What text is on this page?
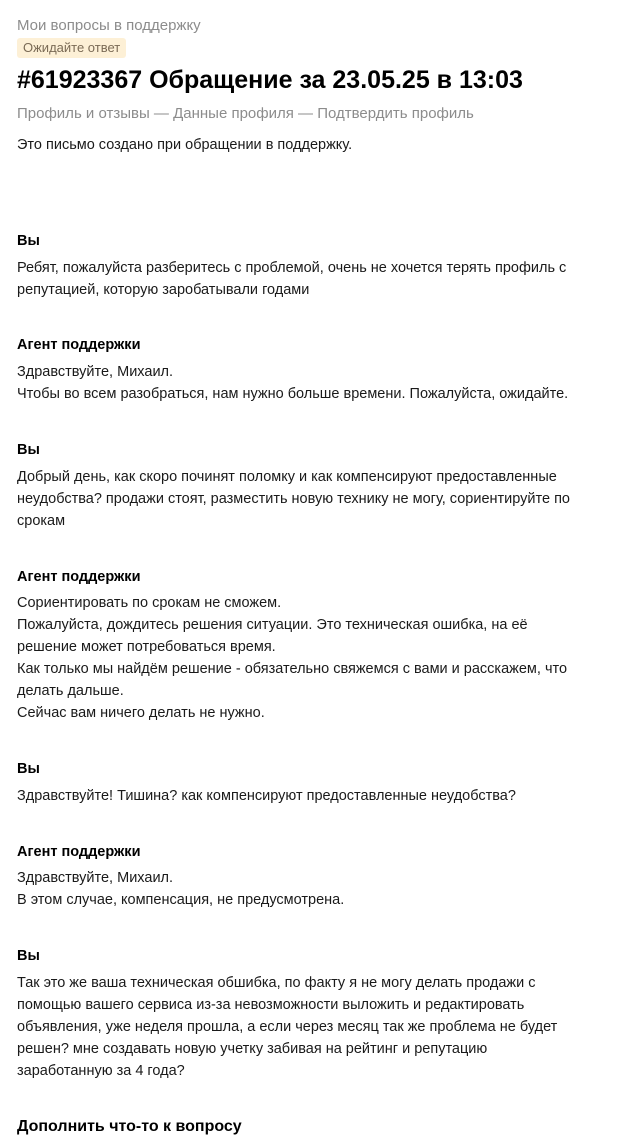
Мои вопросы в поддержку
Ожидайте ответ
#61923367 Обращение за 23.05.25 в 13:03
Профиль и отзывы — Данные профиля — Подтвердить профиль
Это письмо создано при обращении в поддержку.
Вы
Ребят, пожалуйста разберитесь с проблемой, очень не хочется терять профиль с
репутацией, которую заробатывали годами
Агент поддержки
Здравствуйте, Михаил.
Чтобы во всем разобраться, нам нужно больше времени. Пожалуйста, ожидайте.
Вы
Добрый день, как скоро починят поломку и как компенсируют предоставленные
неудобства? продажи стоят, разместить новую технику не могу, сориентируйте по
срокам
Агент поддержки
Сориентировать по срокам не сможем.
Пожалуйста, дождитесь решения ситуации. Это техническая ошибка, на её
решение может потребоваться время.
Как только мы найдём решение - обязательно свяжемся с вами и расскажем, что
делать дальше.
Сейчас вам ничего делать не нужно.
Вы
Здравствуйте! Тишина? как компенсируют предоставленные неудобства?
Агент поддержки
Здравствуйте, Михаил.
В этом случае, компенсация, не предусмотрена.
Вы
Так это же ваша техническая обшибка, по факту я не могу делать продажи с
помощью вашего сервиса из-за невозможности выложить и редактировать
объявления, уже неделя прошла, а если через месяц так же проблема не будет
решен? мне создавать новую учетку забивая на рейтинг и репутацию
заработанную за 4 года?
Дополнить что-то к вопросу
